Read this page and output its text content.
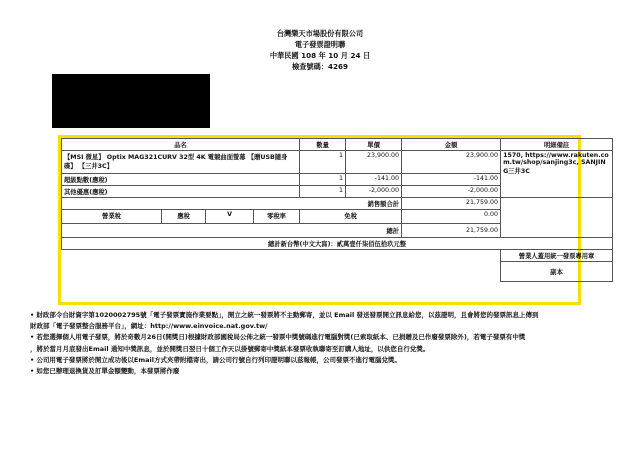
台灣樂天市場股份有限公司
電子發票證明聯
中華民國 108 年 10 月 24 日
檢查號碼：4269
品名				數量	單價	金額	明細備註
【MSI 微星】 Optix MAG321CURV 32型 4K 電競曲面螢幕 【贈USB隨身碟】 【三井3C】				1	23,900.00	23,900.00	1570, https://www.rakuten.com.tw/shop/sanjing3c, SANJING三井3C
超級點數(應稅)				1	-141.00	-141.00	
其他優惠(應稅)				1	-2,000.00	-2,000.00	
銷售額合計						21,759.00	
營業稅	應稅	V	零稅率	免稅		0.00	
總計						21,759.00	
總計新台幣(中文大寫)：貳萬壹仟柒佰伍拾玖元整							
							營業人蓋用統一發票專用章
							副本
• 財政部令台財資字第1020002795號「電子發票實施作業要點」，開立之統一發票將不主動郵寄，並以 Email 發送發票開立訊息給您，以茲證明，且會將您的發票訊息上傳到
財政部「電子發票整合服務平台」，網址：http://www.einvoice.nat.gov.tw/
• 若您選擇個人用電子發票，將於奇數月26日(開獎日)根據財政部國稅局公佈之統一發票中獎號碼進行電腦對獎(已索取紙本、已捐贈及已作廢發票除外)，若電子發票有中獎
，將於當月月底發出Email 通知中獎訊息，並於開獎日翌日十個工作天以掛號郵寄中獎紙本發票收執聯寄至訂購人地址，以供您自行兌獎。
• 公司用電子發票將於開立成功後以Email方式夾帶附檔寄出，請公司行號自行列印證明聯以茲報帳，公司發票不進行電腦兌獎。
• 如您已辦理退換貨及訂單金額變動，本發票將作廢
